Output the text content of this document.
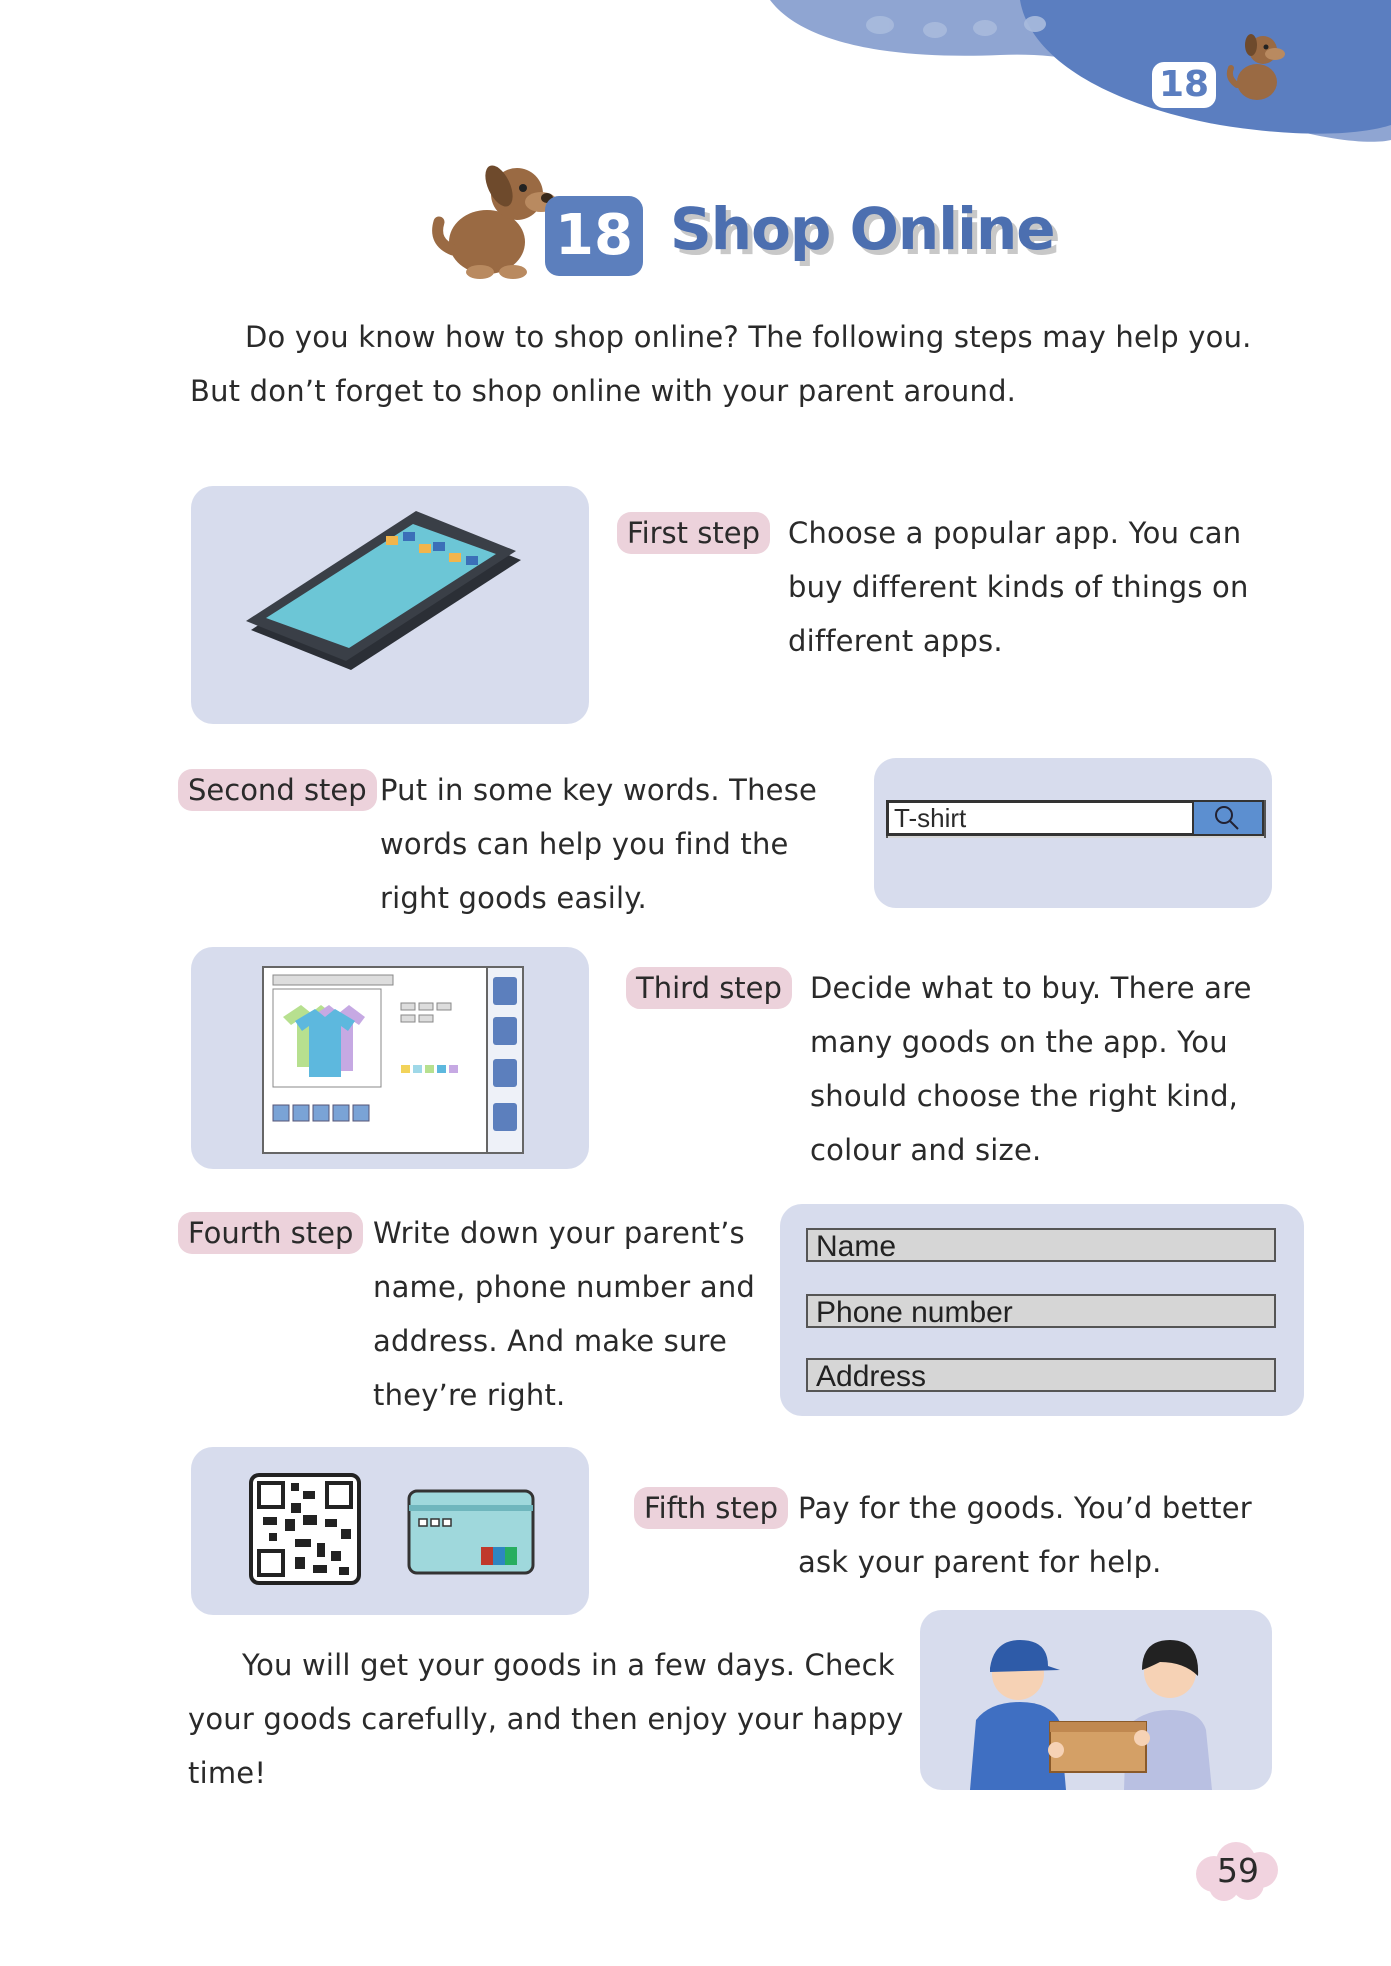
18
18 Shop Online
Do you know how to shop online? The following steps may help you.
But don’t forget to shop online with your parent around.
First step Choose a popular app. You can
buy different kinds of things on
different apps.
Second step Put in some key words. These
words can help you find the
right goods easily.
T-shirt
Third step Decide what to buy. There are
many goods on the app. You
should choose the right kind,
colour and size.
Fourth step Write down your parent’s
name, phone number and
address. And make sure
they’re right.
Name
Phone number
Address
Fifth step Pay for the goods. You’d better
ask your parent for help.
You will get your goods in a few days. Check
your goods carefully, and then enjoy your happy
time!
59
